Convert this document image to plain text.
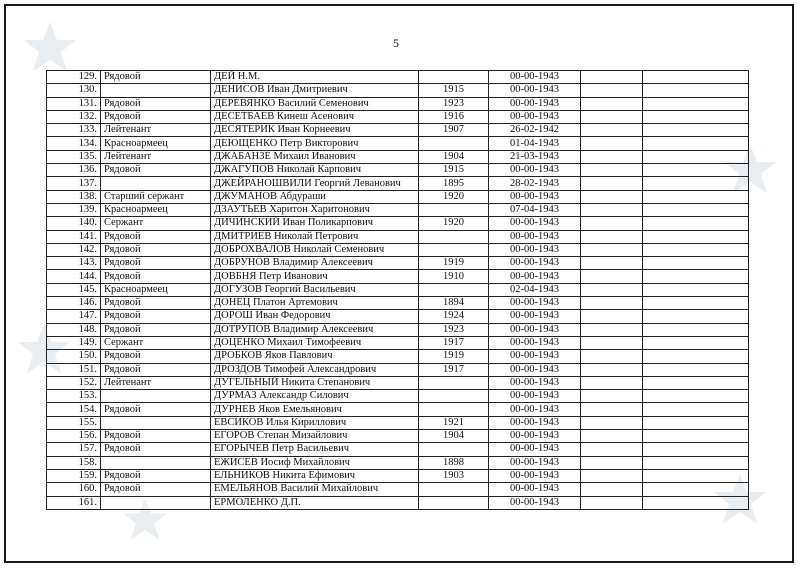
5
129.	Рядовой	ДЕЙ Н.М.		00-00-1943		
130.		ДЕНИСОВ Иван Дмитриевич	1915	00-00-1943		
131.	Рядовой	ДЕРЕВЯНКО Василий Семенович	1923	00-00-1943		
132.	Рядовой	ДЕСЕТБАЕВ Кинеш Асенович	1916	00-00-1943		
133.	Лейтенант	ДЕСЯТЕРИК Иван Корнеевич	1907	26-02-1942		
134.	Красноармеец	ДЕЮЩЕНКО Петр Викторович		01-04-1943		
135.	Лейтенант	ДЖАБАНЗЕ Михаил Иванович	1904	21-03-1943		
136.	Рядовой	ДЖАГУПОВ Николай Карпович	1915	00-00-1943		
137.		ДЖЕЙРАНОШВИЛИ Георгий Леванович	1895	28-02-1943		
138.	Старший сержант	ДЖУМАНОВ Абдураши	1920	00-00-1943		
139.	Красноармеец	ДЗАУТЬЕВ Харитон Харитонович		07-04-1943		
140.	Сержант	ДИЧИНСКИЙ Иван Поликарпович	1920	00-00-1943		
141.	Рядовой	ДМИТРИЕВ Николай Петрович		00-00-1943		
142.	Рядовой	ДОБРОХВАЛОВ Николай Семенович		00-00-1943		
143.	Рядовой	ДОБРУНОВ Владимир Алексеевич	1919	00-00-1943		
144.	Рядовой	ДОВБНЯ Петр Иванович	1910	00-00-1943		
145.	Красноармеец	ДОГУЗОВ Георгий Васильевич		02-04-1943		
146.	Рядовой	ДОНЕЦ Платон Артемович	1894	00-00-1943		
147.	Рядовой	ДОРОШ Иван Федорович	1924	00-00-1943		
148.	Рядовой	ДОТРУПОВ Владимир Алексеевич	1923	00-00-1943		
149.	Сержант	ДОЦЕНКО Михаил Тимофеевич	1917	00-00-1943		
150.	Рядовой	ДРОБКОВ Яков Павлович	1919	00-00-1943		
151.	Рядовой	ДРОЗДОВ Тимофей Александрович	1917	00-00-1943		
152.	Лейтенант	ДУГЕЛЬНЫЙ Никита Степанович		00-00-1943		
153.		ДУРМАЗ Александр Силович		00-00-1943		
154.	Рядовой	ДУРНЕВ Яков Емельянович		00-00-1943		
155.		ЕВСИКОВ Илья Кириллович	1921	00-00-1943		
156.	Рядовой	ЕГОРОВ Степан Мизайлович	1904	00-00-1943		
157.	Рядовой	ЕГОРЫЧЕВ Петр Васильевич		00-00-1943		
158.		ЕЖИСЕВ Иосиф Михайлович	1898	00-00-1943		
159.	Рядовой	ЕЛЬНИКОВ Никита Ефимович	1903	00-00-1943		
160.	Рядовой	ЕМЕЛЬЯНОВ Василий Михайлович		00-00-1943		
161.		ЕРМОЛЕНКО Д.П.		00-00-1943		
